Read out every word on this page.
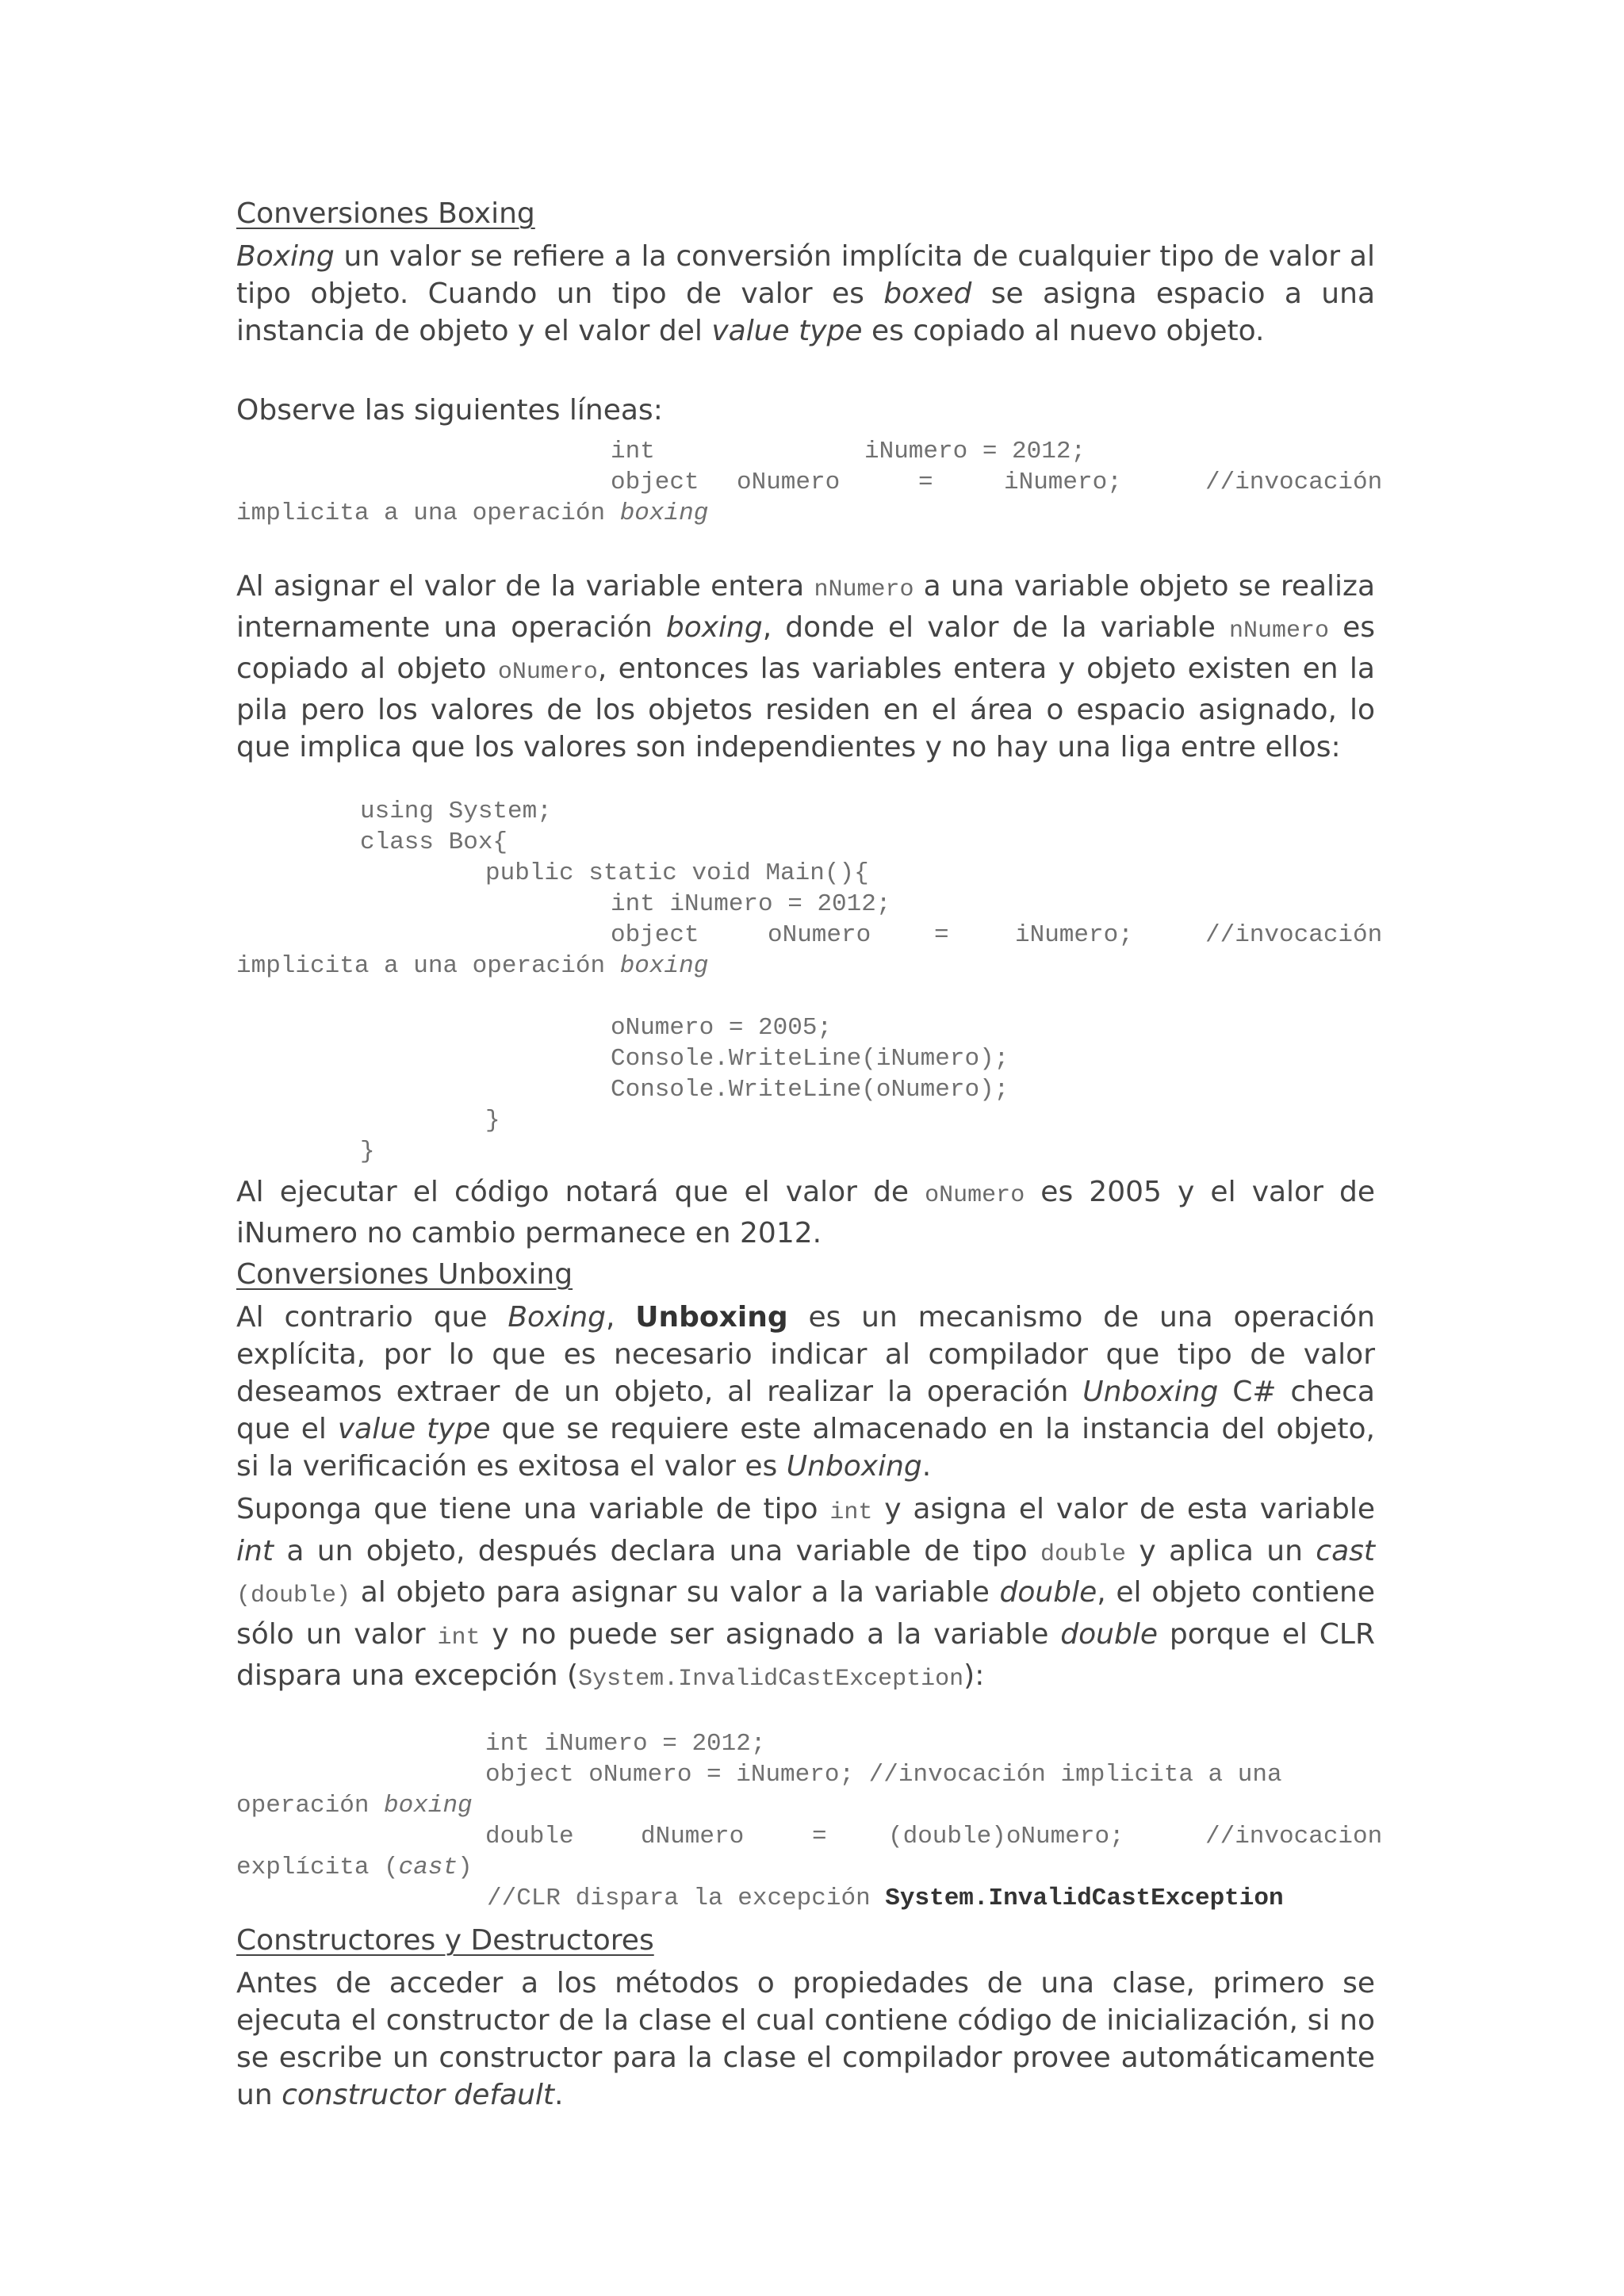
Conversiones Boxing

Boxing un valor se refiere a la conversión implícita de cualquier tipo de valor al tipo objeto. Cuando un tipo de valor es boxed se asigna espacio a una instancia de objeto y el valor del value type es copiado al nuevo objeto.

Observe las siguientes líneas:
int	iNumero = 2012;
object oNumero	=	iNumero;	//invocación
implicita a una operación boxing

Al asignar el valor de la variable entera nNumero a una variable objeto se realiza internamente una operación boxing, donde el valor de la variable nNumero es copiado al objeto oNumero, entonces las variables entera y objeto existen en la pila pero los valores de los objetos residen en el área o espacio asignado, lo que implica que los valores son independientes y no hay una liga entre ellos:

using System;
class Box{
public static void Main(){
int iNumero = 2012;
object	oNumero	=	iNumero;	//invocación
implicita a una operación boxing
oNumero = 2005;
Console.WriteLine(iNumero);
Console.WriteLine(oNumero);
}
}

Al ejecutar el código notará que el valor de oNumero es 2005 y el valor de iNumero no cambio permanece en 2012.

Conversiones Unboxing

Al contrario que Boxing, Unboxing es un mecanismo de una operación explícita, por lo que es necesario indicar al compilador que tipo de valor deseamos extraer de un objeto, al realizar la operación Unboxing C# checa que el value type que se requiere este almacenado en la instancia del objeto, si la verificación es exitosa el valor es Unboxing.

Suponga que tiene una variable de tipo int y asigna el valor de esta variable int a un objeto, después declara una variable de tipo double y aplica un cast (double) al objeto para asignar su valor a la variable double, el objeto contiene sólo un valor int y no puede ser asignado a la variable double porque el CLR dispara una excepción (System.InvalidCastException):

int iNumero = 2012;
object oNumero = iNumero; //invocación implicita a una
operación boxing
double	dNumero	= (double)oNumero;	//invocacion
explícita (cast)
//CLR dispara la excepción System.InvalidCastException
Constructores y Destructores

Antes de acceder a los métodos o propiedades de una clase, primero se ejecuta el constructor de la clase el cual contiene código de inicialización, si no se escribe un constructor para la clase el compilador provee automáticamente un constructor default.
